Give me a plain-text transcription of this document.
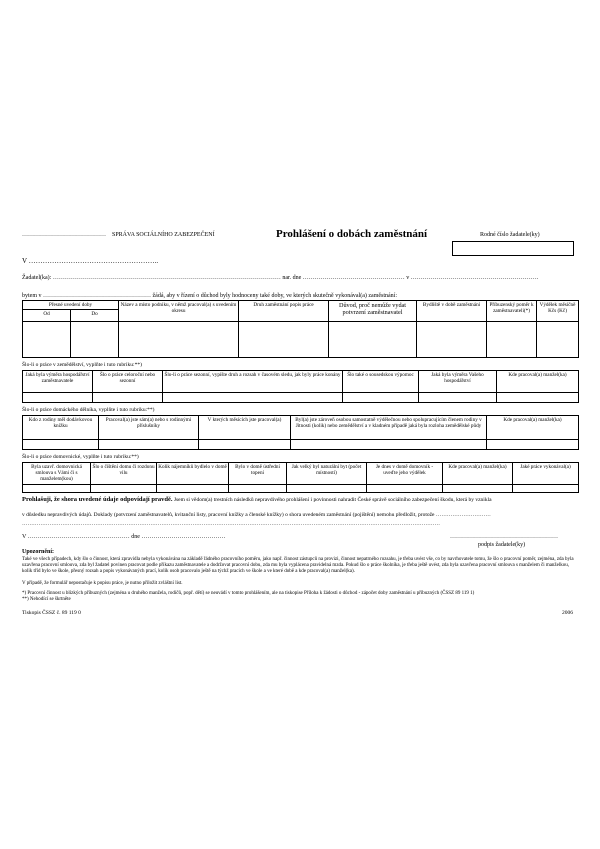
…………………………………… SPRÁVA SOCIÁLNÍHO ZABEZPEČENÍ	Prohlášení o dobách zaměstnání	Rodné číslo žadatele(ky)
V ………………………………………………..
Žadatel(ka): …………………………………………………………………………………………………… nar. dne …………………………………………… v ……………………………………………………….
bytem v ……………………………………………… žádá, aby v řízení o důchod byly hodnoceny také doby, ve kterých skutečně vykonával(a) zaměstnání:
Přesné uvedení doby		Název a místo podniku, v němž pracoval(a) s uvedením okresu	Druh zaměstnání popis práce	Důvod, proč nemůže vydat potvrzení zaměstnavatel	Bydliště v době zaměstnání	Příbuzenský poměr k zaměstnavateli(*)	Výdělek měsíčně Kčs (Kč)
Od	Do						

Šlo-li o práce v zemědělství, vyplňte i tuto rubriku:**)
Jaká byla výměra hospodářství zaměstnavatele	Šlo o práce celoroční nebo sezonní	Šlo-li o práce sezonní, vypište druh a rozsah v časovém sledu, jak byly práce konány	Šlo také o sousedskou výpomoc	Jaká byla výměra Vašeho hospodářství	Kde pracoval(a) manžel(ka)

Šlo-li o práce domáckého dělníka, vyplňte i tuto rubriku:**)
Kdo z rodiny měl dodávkovou knížku	Pracoval(a) jste sám(a) nebo s rodinnými příslušníky	V kterých měsících jste pracoval(a)	Byl(a) jste zároveň osobou samostatně výdělečnou nebo spolupracujícím členem rodiny v Jitnosti (kolik) nebo zemědělství a v kladném případě jaká byla rozloha zemědělské půdy	Kde pracoval(a) manžel(ka)

Šlo-li o práce domovnické, vyplňte i tuto rubriku:**)
Byla uzavř. domovnická smlouva s Vámi či s manželem(kou)	Šlo o čištění domu či rozdonu vilu	Kolik nájemníků bydlelo v domě	Bylo v domě ústřední topení	Jak velký byl naturální byt (počet místností)	Je dnes v domě domovník - uveďte jeho výdělek	Kde pracoval(a) manžel(ka)	Jaké práce vykonával(a)

Prohlašuji, že shora uvedené údaje odpovídají pravdě. Jsem si vědom(a) trestních následků nepravdivého prohlášení i povinnosti nahradit České správě sociálního zabezpečení škodu, která by vznikla
v důsledku nepravdivých údajů. Doklady (potvrzení zaměstnavatelů, kvitanční listy, pracovní knížky a členské knížky) o shora uvedeném zaměstnání (pojištění) nemohu předložit, protože …………………………
…………………………………………………………………………………………………………………………………………………………………………………………………………
V …………………………………………… dne ……………………………………	………………………………………………
podpis žadatele(ky)
Upozornění:
Také ve všech případech, kdy šlo o činnost, která zpravidla nebyla vykonávána na základě řádného pracovního poměru, jako např. činnost zástupců na provizi, činnost nepatrného rozsahu, je třeba uvést vše, co by navrhovatele tomu, že šlo o pracovní poměr, zejména, zda byla uzavřena pracovní smlouva, zda byl žadatel povinen pracovat podle příkazu zaměstnavatele a dodržovat pracovní dobu, zda mu byla vyplácena pravidelná mzda. Pokud šlo o práce školníka, je třeba ještě uvést, zda byla uzavřena pracovní smlouva s manželem či manželkou, kolik tříd bylo ve škole, přesný rozsah a popis vykonávaných prací, kolik osob pracovalo ještě na týchž pracích ve škole a ve které době a kde pracoval(a) manžel(ka).
V případě, že formulář nepostačuje k popisu práce, je nutno přiložit zvláštní list.
*) Pracovní činnost u blízkých příbuzných (zejména u druhého manžela, rodičů, popř. dětí) se neuvádí v tomto prohlášením, ale na tiskopise Příloha k žádosti o důchod - zápočet doby zaměstnání u příbuzných (ČSSZ 89 119 1)
**) Nehodící se škrtněte
Tiskopis ČSSZ č. 89 119 0	2006
